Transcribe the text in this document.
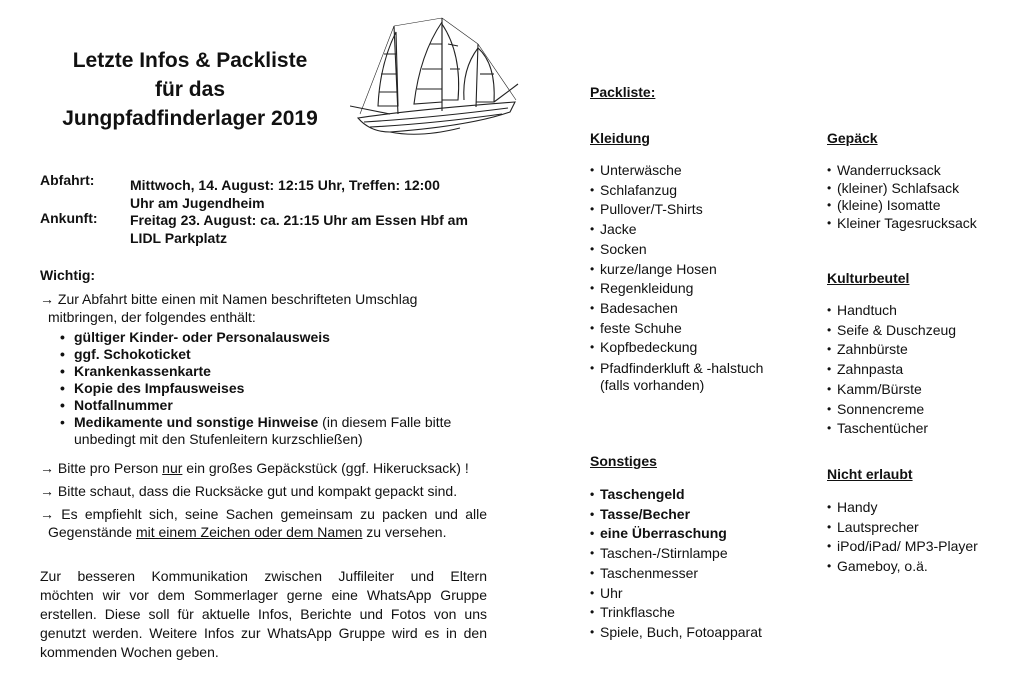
Letzte Infos & Packliste
für das
Jungpfadfinderlager 2019
Abfahrt:	Mittwoch, 14. August: 12:15 Uhr, Treffen: 12:00
Uhr am Jugendheim
Ankunft: Freitag 23. August: ca. 21:15 Uhr am Essen Hbf am
LIDL Parkplatz
Wichtig:
→ Zur Abfahrt bitte einen mit Namen beschrifteten Umschlag
mitbringen, der folgendes enthält:
• gültiger Kinder- oder Personalausweis
• ggf. Schokoticket
• Krankenkassenkarte
• Kopie des Impfausweises
• Notfallnummer
• Medikamente und sonstige Hinweise (in diesem Falle bitte
unbedingt mit den Stufenleitern kurzschließen)
→ Bitte pro Person nur ein großes Gepäckstück (ggf. Hikerucksack) !
→ Bitte schaut, dass die Rucksäcke gut und kompakt gepackt sind.
→ Es empfiehlt sich, seine Sachen gemeinsam zu packen und alle
Gegenstände mit einem Zeichen oder dem Namen zu versehen.
Zur besseren Kommunikation zwischen Juffileiter und Eltern
möchten wir vor dem Sommerlager gerne eine WhatsApp Gruppe
erstellen. Diese soll für aktuelle Infos, Berichte und Fotos von uns
genutzt werden. Weitere Infos zur WhatsApp Gruppe wird es in den
kommenden Wochen geben.
Packliste:
Kleidung
• Unterwäsche
• Schlafanzug
• Pullover/T-Shirts
• Jacke
• Socken
• kurze/lange Hosen
• Regenkleidung
• Badesachen
• feste Schuhe
• Kopfbedeckung
• Pfadfinderkluft & -halstuch
(falls vorhanden)
Sonstiges
• Taschengeld
• Tasse/Becher
• eine Überraschung
• Taschen-/Stirnlampe
• Taschenmesser
• Uhr
• Trinkflasche
• Spiele, Buch, Fotoapparat
Gepäck
• Wanderrucksack
• (kleiner) Schlafsack
• (kleine) Isomatte
• Kleiner Tagesrucksack
Kulturbeutel
• Handtuch
• Seife & Duschzeug
• Zahnbürste
• Zahnpasta
• Kamm/Bürste
• Sonnencreme
• Taschentücher
Nicht erlaubt
• Handy
• Lautsprecher
• iPod/iPad/ MP3-Player
• Gameboy, o.ä.
